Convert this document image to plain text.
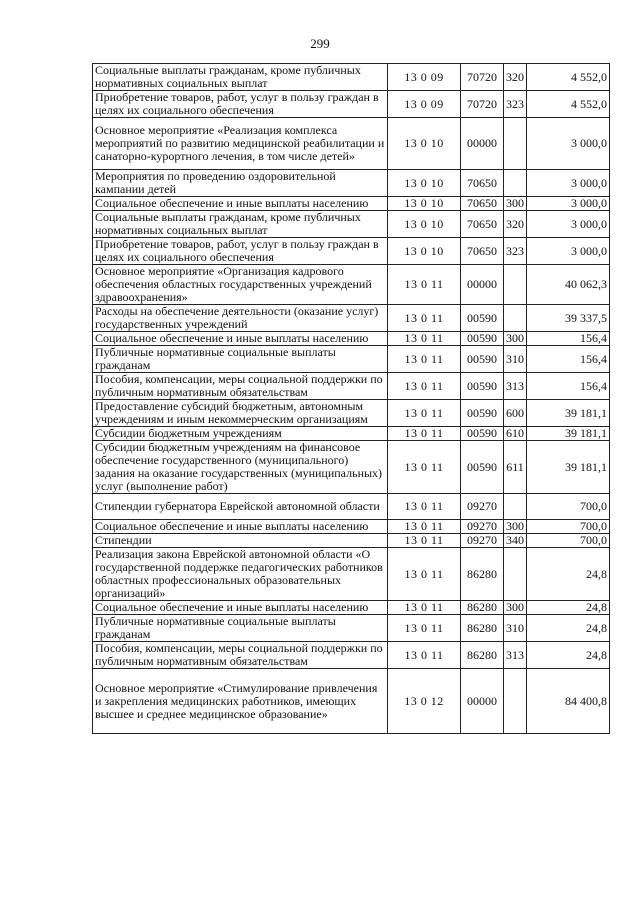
299
Социальные выплаты гражданам, кроме публичных нормативных социальных выплат	13 0 09	70720	320	4 552,0
Приобретение товаров, работ, услуг в пользу граждан в целях их социального обеспечения	13 0 09	70720	323	4 552,0
Основное мероприятие «Реализация комплекса мероприятий по развитию медицинской реабилитации и санаторно-курортного лечения, в том числе детей»	13 0 10	00000		3 000,0
Мероприятия по проведению оздоровительной кампании детей	13 0 10	70650		3 000,0
Социальное обеспечение и иные выплаты населению	13 0 10	70650	300	3 000,0
Социальные выплаты гражданам, кроме публичных нормативных социальных выплат	13 0 10	70650	320	3 000,0
Приобретение товаров, работ, услуг в пользу граждан в целях их социального обеспечения	13 0 10	70650	323	3 000,0
Основное мероприятие «Организация кадрового обеспечения областных государственных учреждений здравоохранения»	13 0 11	00000		40 062,3
Расходы на обеспечение деятельности (оказание услуг) государственных учреждений	13 0 11	00590		39 337,5
Социальное обеспечение и иные выплаты населению	13 0 11	00590	300	156,4
Публичные нормативные социальные выплаты гражданам	13 0 11	00590	310	156,4
Пособия, компенсации, меры социальной поддержки по публичным нормативным обязательствам	13 0 11	00590	313	156,4
Предоставление субсидий бюджетным, автономным учреждениям и иным некоммерческим организациям	13 0 11	00590	600	39 181,1
Субсидии бюджетным учреждениям	13 0 11	00590	610	39 181,1
Субсидии бюджетным учреждениям на финансовое обеспечение государственного (муниципального) задания на оказание государственных (муниципальных) услуг (выполнение работ)	13 0 11	00590	611	39 181,1
Стипендии губернатора Еврейской автономной области	13 0 11	09270		700,0
Социальное обеспечение и иные выплаты населению	13 0 11	09270	300	700,0
Стипендии	13 0 11	09270	340	700,0
Реализация закона Еврейской автономной области «О государственной поддержке педагогических работников областных профессиональных образовательных организаций»	13 0 11	86280		24,8
Социальное обеспечение и иные выплаты населению	13 0 11	86280	300	24,8
Публичные нормативные социальные выплаты гражданам	13 0 11	86280	310	24,8
Пособия, компенсации, меры социальной поддержки по публичным нормативным обязательствам	13 0 11	86280	313	24,8
Основное мероприятие «Стимулирование привлечения и закрепления медицинских работников, имеющих высшее и среднее медицинское образование»	13 0 12	00000		84 400,8
